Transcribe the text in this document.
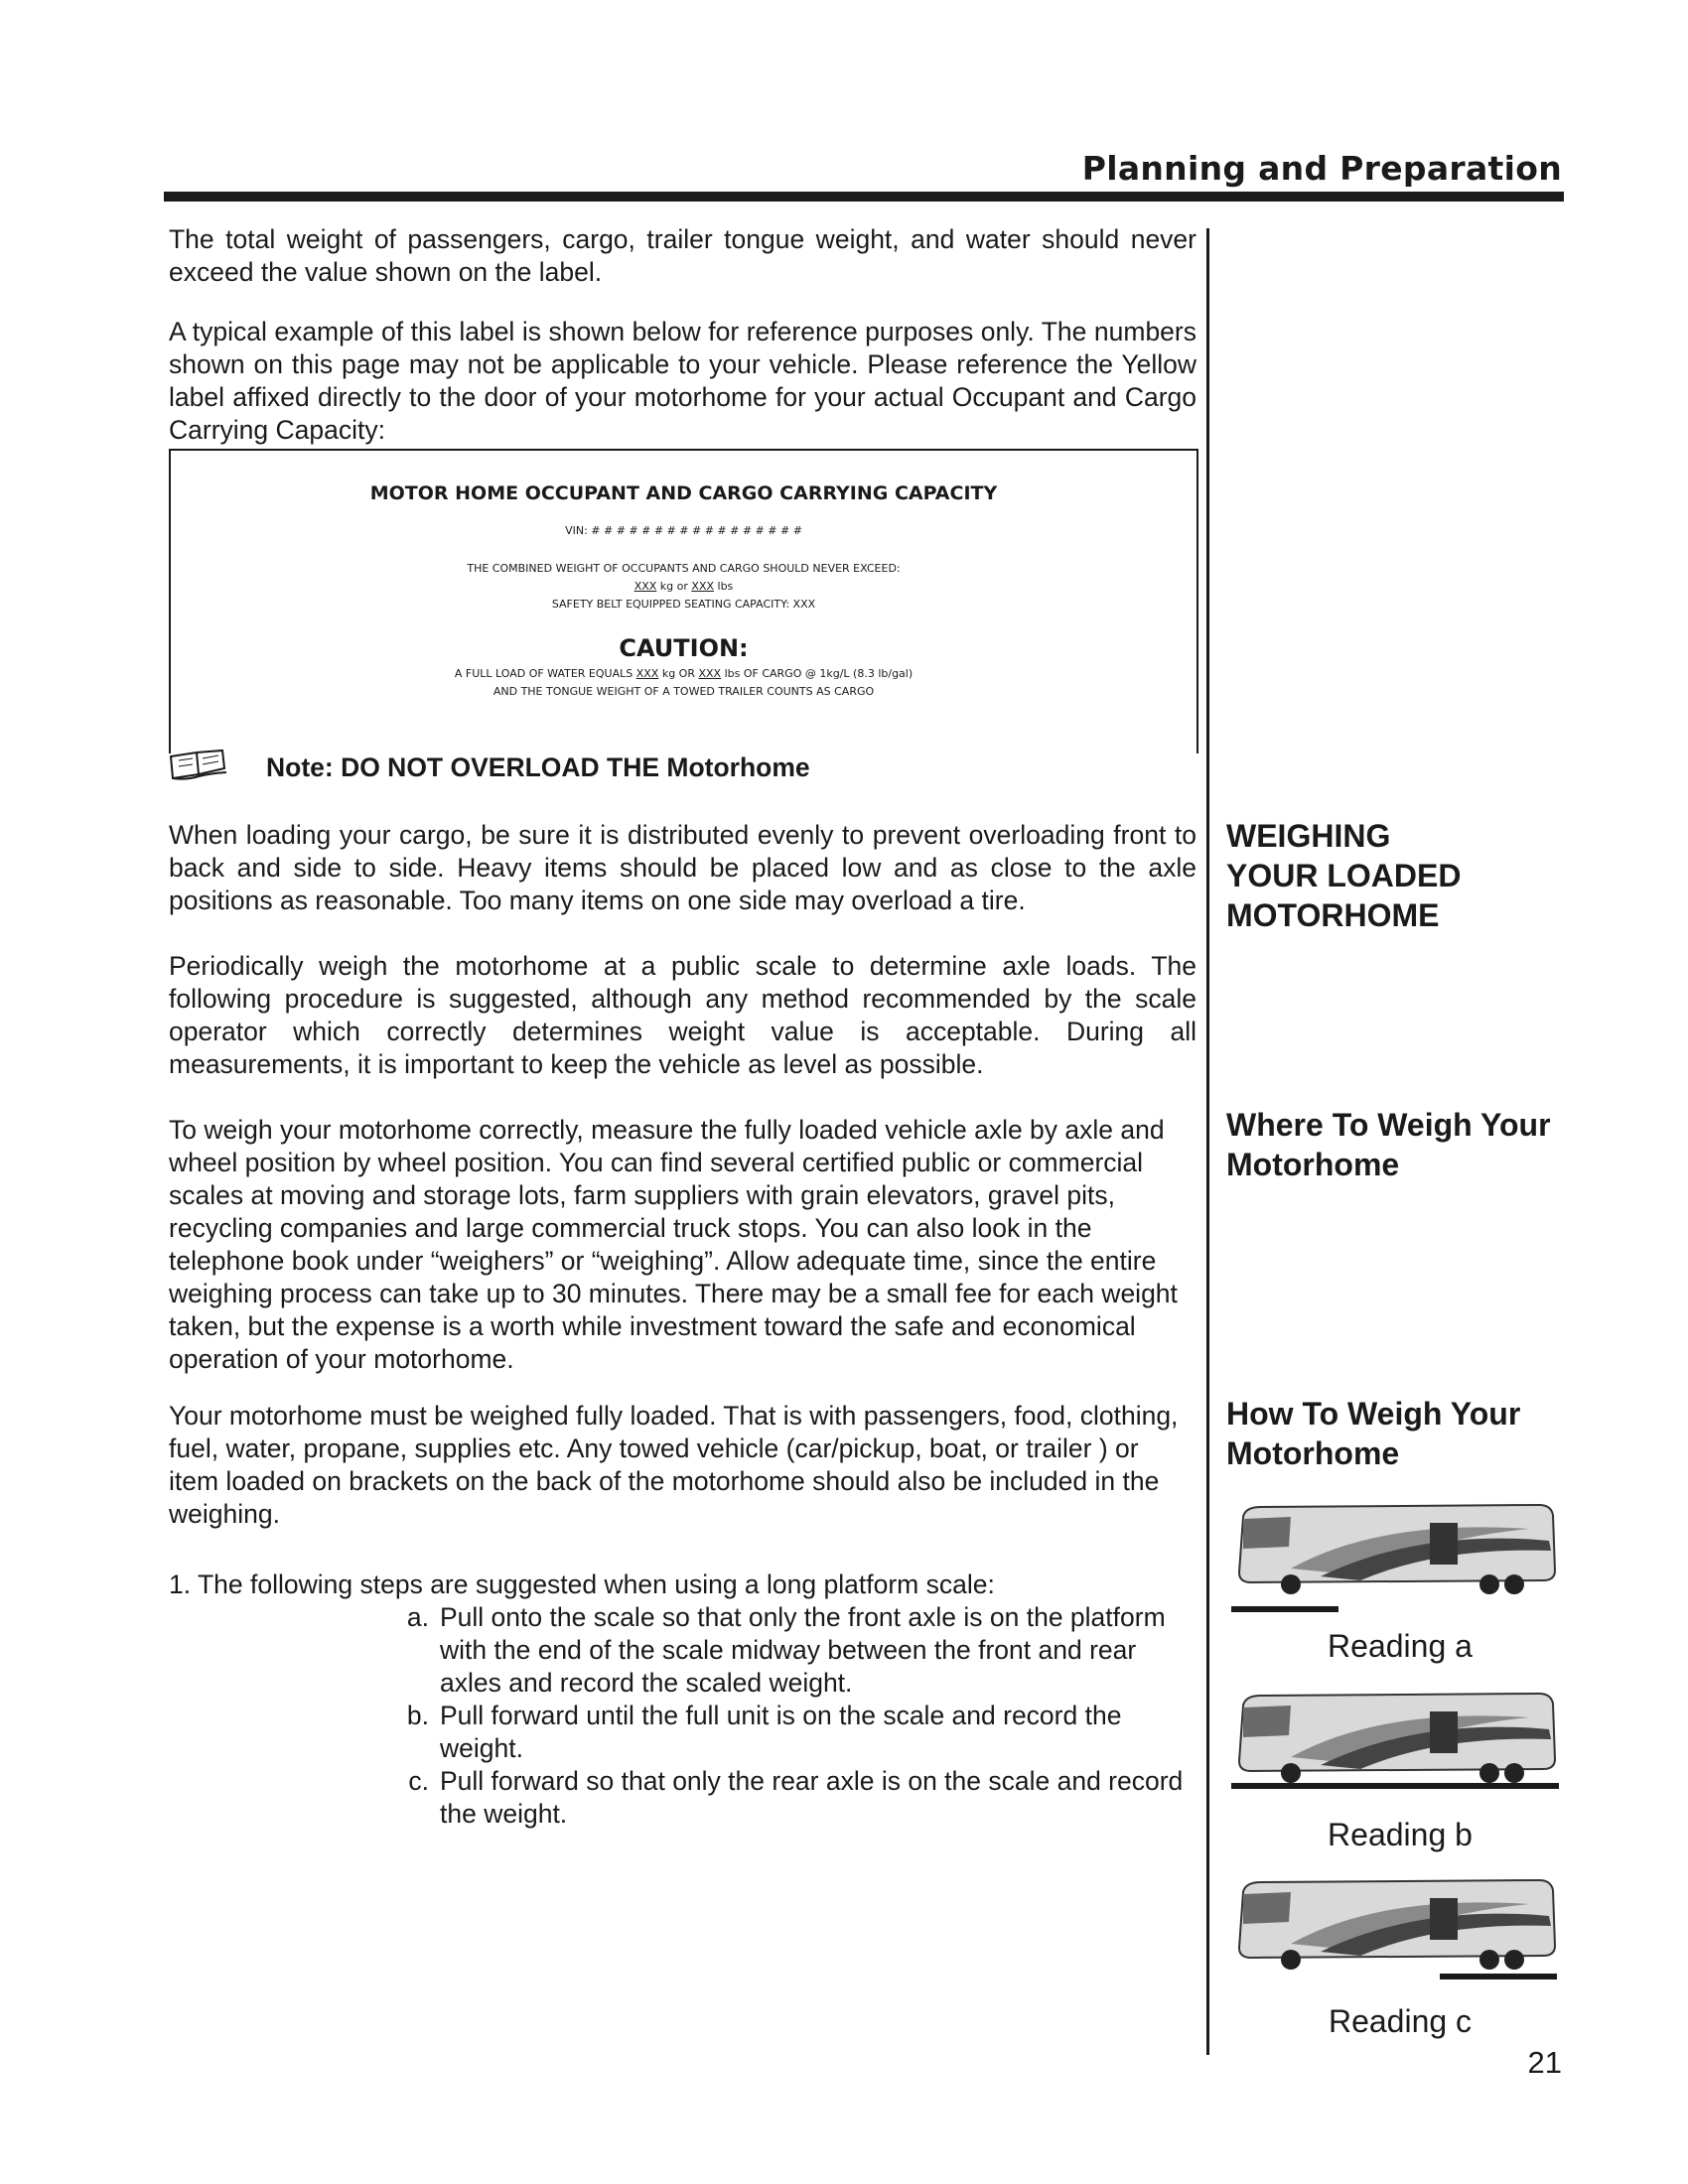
Planning and Preparation

The total weight of passengers, cargo, trailer tongue weight, and water should never exceed the value shown on the label.

A typical example of this label is shown below for reference purposes only. The numbers shown on this page may not be applicable to your vehicle. Please reference the Yellow label affixed directly to the door of your motorhome for your actual Occupant and Cargo Carrying Capacity:

MOTOR HOME OCCUPANT AND CARGO CARRYING CAPACITY
VIN: # # # # # # # # # # # # # # # # #
THE COMBINED WEIGHT OF OCCUPANTS AND CARGO SHOULD NEVER EXCEED:
XXX kg or XXX lbs
SAFETY BELT EQUIPPED SEATING CAPACITY: XXX
CAUTION:
A FULL LOAD OF WATER EQUALS XXX kg OR XXX lbs OF CARGO @ 1kg/L (8.3 lb/gal)
AND THE TONGUE WEIGHT OF A TOWED TRAILER COUNTS AS CARGO
Note: DO NOT OVERLOAD THE Motorhome

When loading your cargo, be sure it is distributed evenly to prevent overloading front to back and side to side. Heavy items should be placed low and as close to the axle positions as reasonable. Too many items on one side may overload a tire.

Periodically weigh the motorhome at a public scale to determine axle loads. The following procedure is suggested, although any method recommended by the scale operator which correctly determines weight value is acceptable. During all measurements, it is important to keep the vehicle as level as possible.

To weigh your motorhome correctly, measure the fully loaded vehicle axle by axle and wheel position by wheel position. You can find several certified public or commercial scales at moving and storage lots, farm suppliers with grain elevators, gravel pits, recycling companies and large commercial truck stops. You can also look in the telephone book under “weighers” or “weighing”. Allow adequate time, since the entire weighing process can take up to 30 minutes. There may be a small fee for each weight taken, but the expense is a worth while investment toward the safe and economical operation of your motorhome.

Your motorhome must be weighed fully loaded. That is with passengers, food, clothing, fuel, water, propane, supplies etc. Any towed vehicle (car/pickup, boat, or trailer ) or item loaded on brackets on the back of the motorhome should also be included in the weighing.

1. The following steps are suggested when using a long platform scale:
a. Pull onto the scale so that only the front axle is on the platform with the end of the scale midway between the front and rear axles and record the scaled weight.
b. Pull forward until the full unit is on the scale and record the weight.
c. Pull forward so that only the rear axle is on the scale and record the weight.
WEIGHING
YOUR LOADED
MOTORHOME
Where To Weigh Your
Motorhome
How To Weigh Your
Motorhome
Reading a
Reading b
Reading c
21
